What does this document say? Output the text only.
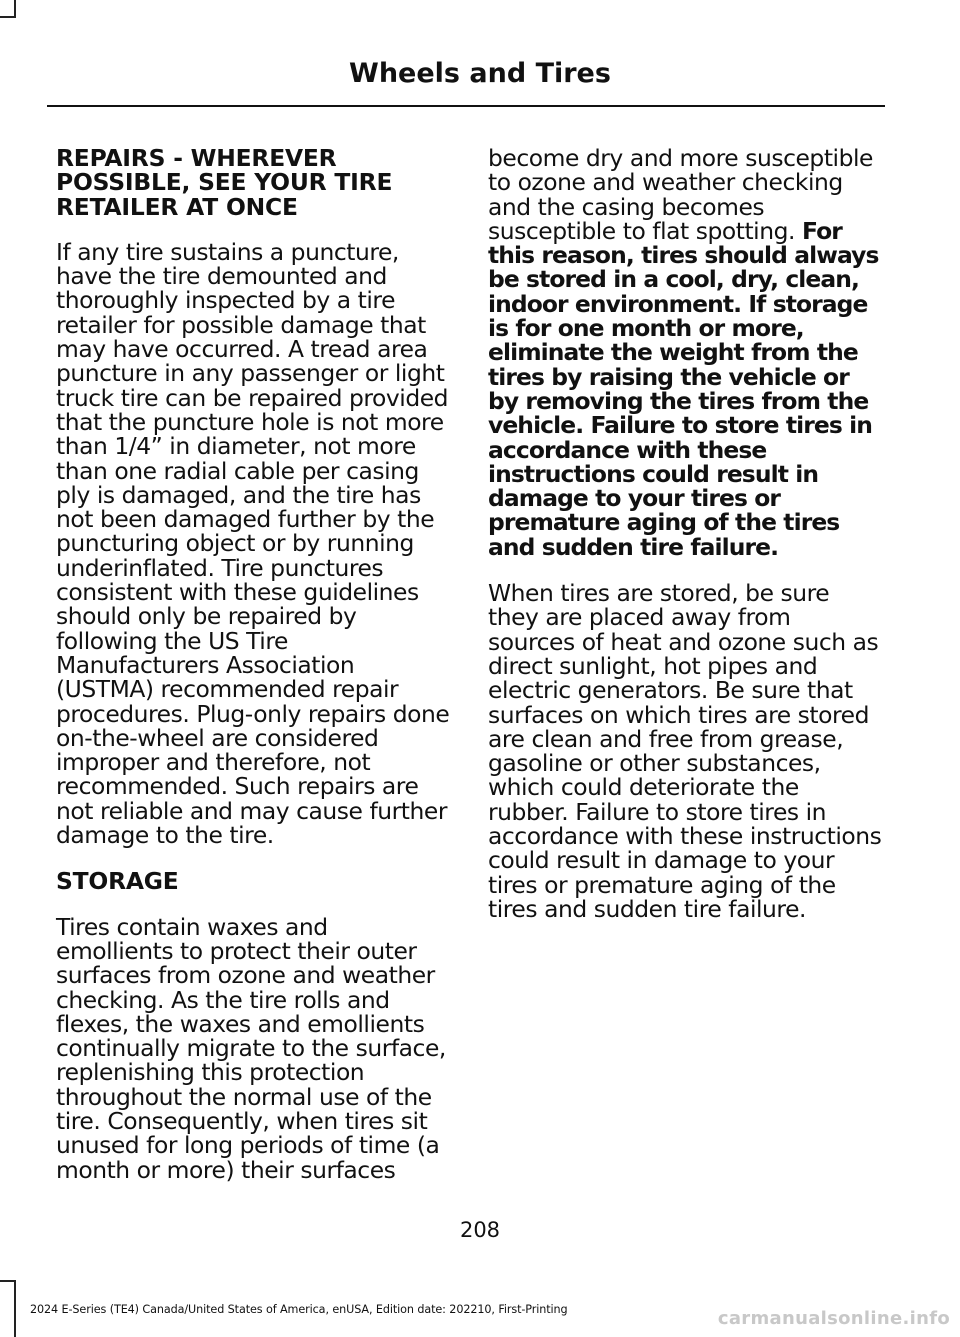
Wheels and Tires
REPAIRS - WHEREVER POSSIBLE, SEE YOUR TIRE RETAILER AT ONCE

If any tire sustains a puncture, have the tire demounted and thoroughly inspected by a tire retailer for possible damage that may have occurred. A tread area puncture in any passenger or light truck tire can be repaired provided that the puncture hole is not more than 1/4” in diameter, not more than one radial cable per casing ply is damaged, and the tire has not been damaged further by the puncturing object or by running underinflated. Tire punctures consistent with these guidelines should only be repaired by following the US Tire Manufacturers Association (USTMA) recommended repair procedures. Plug-only repairs done on-the-wheel are considered improper and therefore, not recommended. Such repairs are not reliable and may cause further damage to the tire.

STORAGE

Tires contain waxes and emollients to protect their outer surfaces from ozone and weather checking. As the tire rolls and flexes, the waxes and emollients continually migrate to the surface, replenishing this protection throughout the normal use of the tire. Consequently, when tires sit unused for long periods of time (a month or more) their surfaces

become dry and more susceptible to ozone and weather checking and the casing becomes susceptible to flat spotting. For this reason, tires should always be stored in a cool, dry, clean, indoor environment. If storage is for one month or more, eliminate the weight from the tires by raising the vehicle or by removing the tires from the vehicle. Failure to store tires in accordance with these instructions could result in damage to your tires or premature aging of the tires and sudden tire failure.

When tires are stored, be sure they are placed away from sources of heat and ozone such as direct sunlight, hot pipes and electric generators. Be sure that surfaces on which tires are stored are clean and free from grease, gasoline or other substances, which could deteriorate the rubber. Failure to store tires in accordance with these instructions could result in damage to your tires or premature aging of the tires and sudden tire failure.

208
2024 E-Series (TE4) Canada/United States of America, enUSA, Edition date: 202210, First-Printing	carmanualsonline.info
